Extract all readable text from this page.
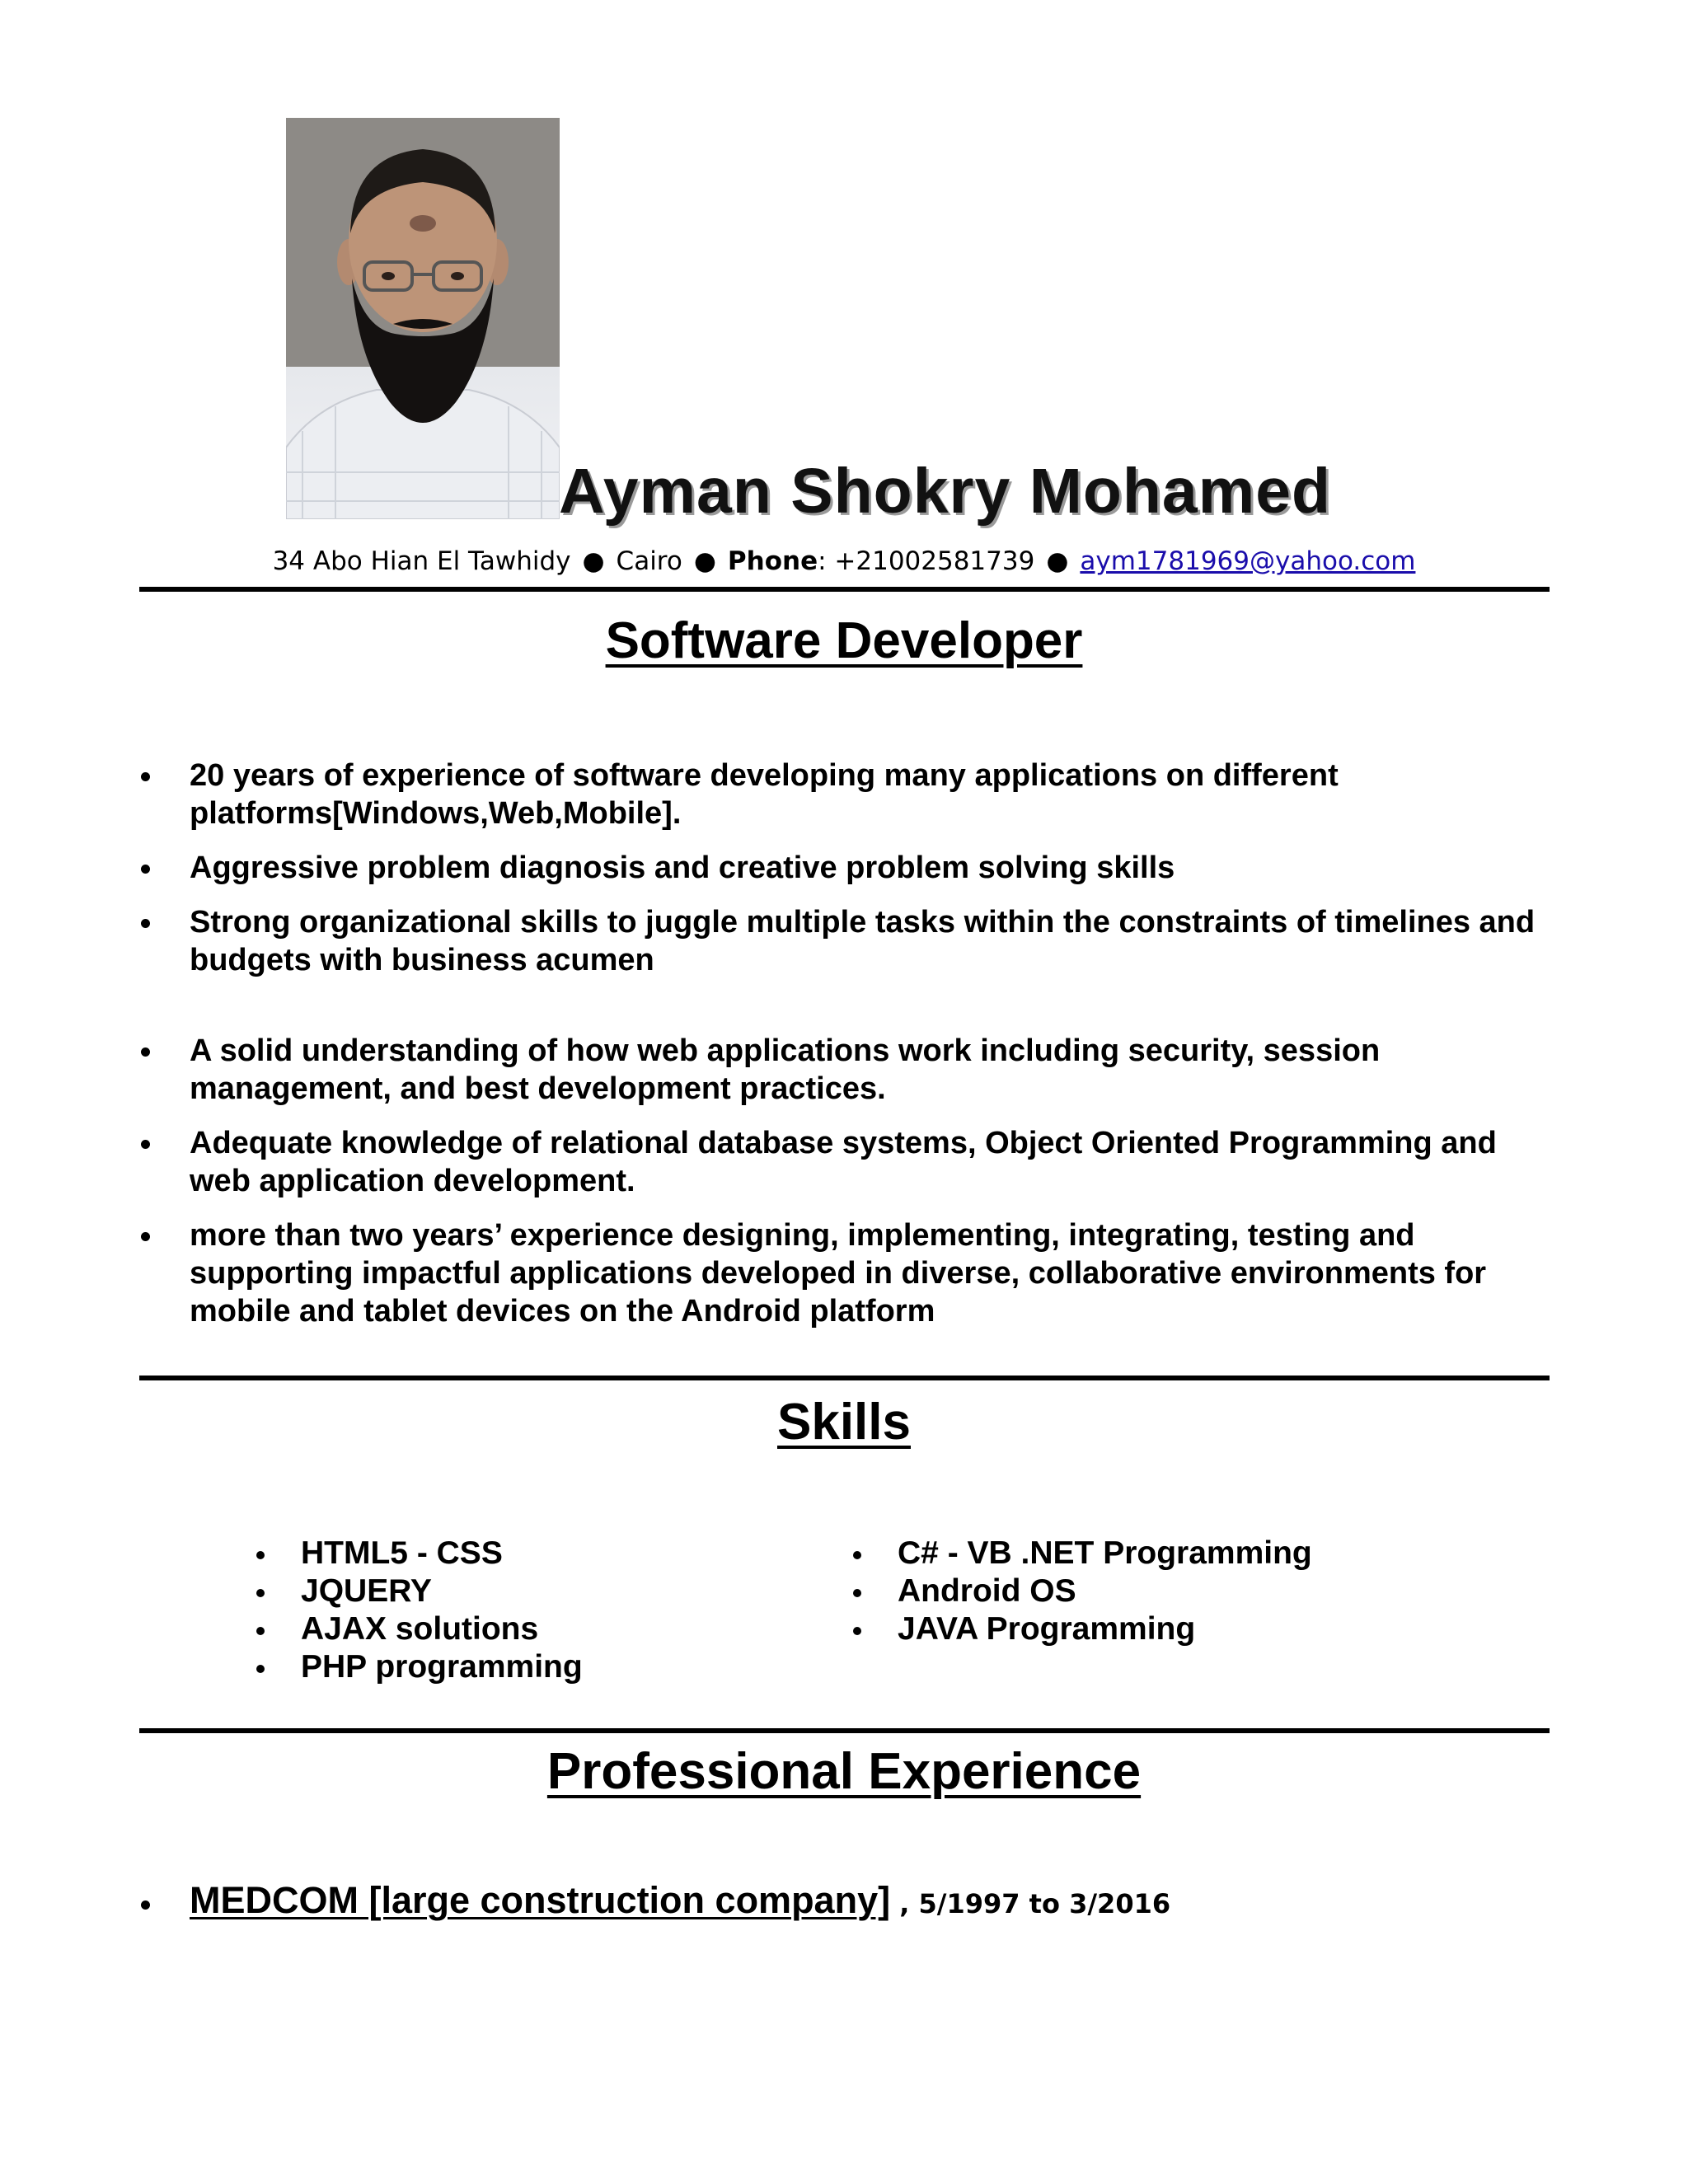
Ayman Shokry Mohamed
34 Abo Hian El Tawhidy ● Cairo ● Phone: +21002581739 ● aym1781969@yahoo.com
Software Developer
20 years of experience of software developing many applications on different platforms[Windows,Web,Mobile].
Aggressive problem diagnosis and creative problem solving skills
Strong organizational skills to juggle multiple tasks within the constraints of timelines and budgets with business acumen
A solid understanding of how web applications work including security, session management, and best development practices.
Adequate knowledge of relational database systems, Object Oriented Programming and web application development.
more than two years’ experience designing, implementing, integrating, testing and supporting impactful applications developed in diverse, collaborative environments for mobile and tablet devices on the Android platform
Skills
HTML5 - CSS
JQUERY
AJAX solutions
PHP programming
C# - VB .NET Programming
Android OS
JAVA Programming
Professional Experience
MEDCOM [large construction company] , 5/1997 to 3/2016
